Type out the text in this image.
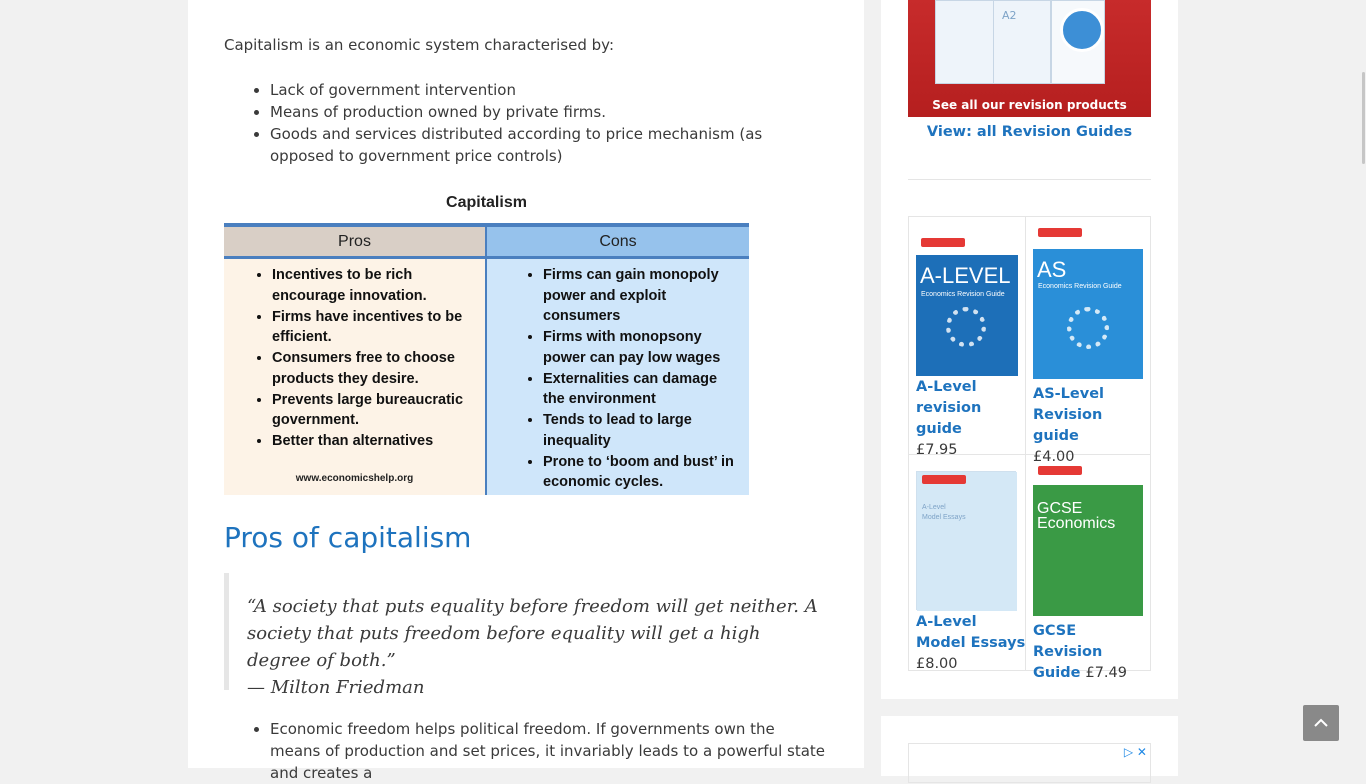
Capitalism is an economic system characterised by:

• Lack of government intervention
• Means of production owned by private firms.
• Goods and services distributed according to price mechanism (as opposed to government price controls)
Capitalism
Pros
• Incentives to be rich encourage innovation.
• Firms have incentives to be efficient.
• Consumers free to choose products they desire.
• Prevents large bureaucratic government.
• Better than alternatives
www.economicshelp.org
Cons
• Firms can gain monopoly power and exploit consumers
• Firms with monopsony power can pay low wages
• Externalities can damage the environment
• Tends to lead to large inequality
• Prone to ‘boom and bust’ in economic cycles.
Pros of capitalism

“A society that puts equality before freedom will get neither. A society that puts freedom before equality will get a high degree of both.”

— Milton Friedman

• Economic freedom helps political freedom. If governments own the means of production and set prices, it invariably leads to a powerful state and creates a
A2
See all our revision products
View: all Revision Guides
A-LEVEL
Economics Revision Guide
A-Level revision guide
£7.95
AS
Economics Revision Guide
AS-Level Revision guide
£4.00
A-Level
Model Essays
A-Level Model Essays £8.00
GCSE Economics
GCSE Revision Guide £7.49
▷ ✕
